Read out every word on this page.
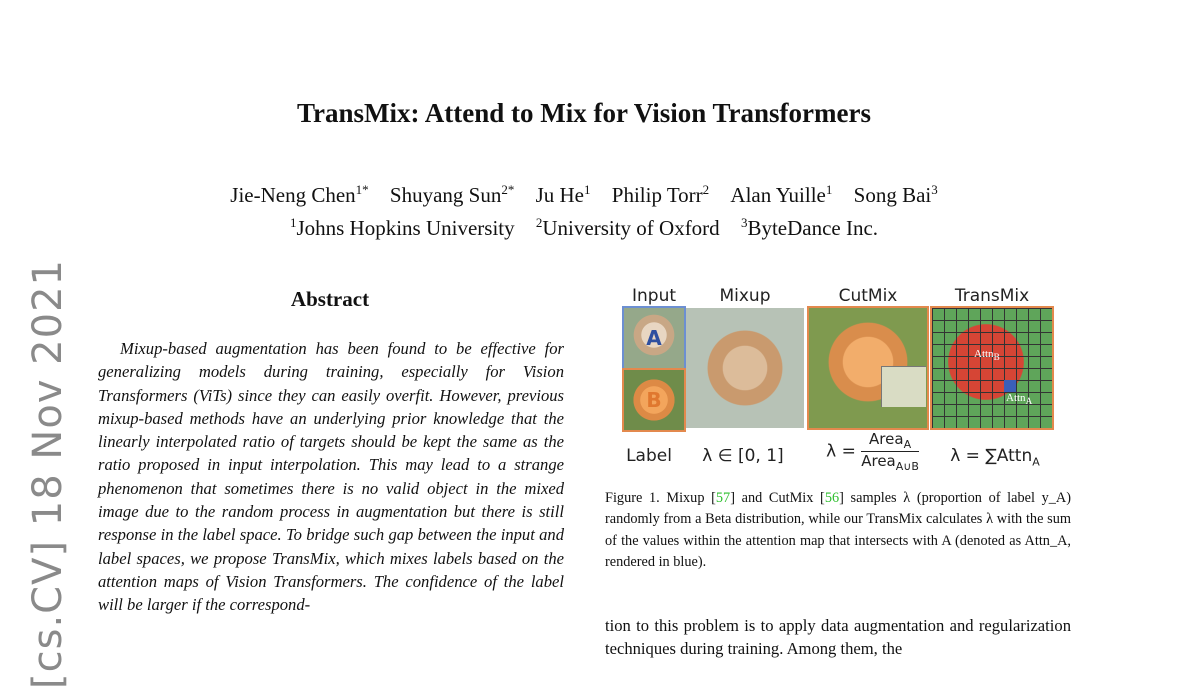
[cs.CV] 18 Nov 2021
TransMix: Attend to Mix for Vision Transformers
Jie-Neng Chen$^{1*}$ Shuyang Sun$^{2*}$ Ju He$^1$ Philip Torr$^2$ Alan Yuille$^1$ Song Bai$^3$
$^1$Johns Hopkins University $^2$University of Oxford $^3$ByteDance Inc.
Abstract

Mixup-based augmentation has been found to be effective for generalizing models during training, especially for Vision Transformers (ViTs) since they can easily overfit. However, previous mixup-based methods have an underlying prior knowledge that the linearly interpolated ratio of targets should be kept the same as the ratio proposed in input interpolation. This may lead to a strange phenomenon that sometimes there is no valid object in the mixed image due to the random process in augmentation but there is still response in the label space. To bridge such gap between the input and label spaces, we propose TransMix, which mixes labels based on the attention maps of Vision Transformers. The confidence of the label will be larger if the correspond-

Input	Mixup	CutMix	TransMix
A
B
Attn$_B$
Attn$_A$
Label	λ ∈ [0, 1]	$\lambda = \frac{Area_A}{Area_{A\cup B}}$	λ = ∑Attn$_A$
Figure 1. Mixup [57] and CutMix [56] samples λ (proportion of label y_A) randomly from a Beta distribution, while our TransMix calculates λ with the sum of the values within the attention map that intersects with A (denoted as Attn_A, rendered in blue).
tion to this problem is to apply data augmentation and regularization techniques during training. Among them, the
